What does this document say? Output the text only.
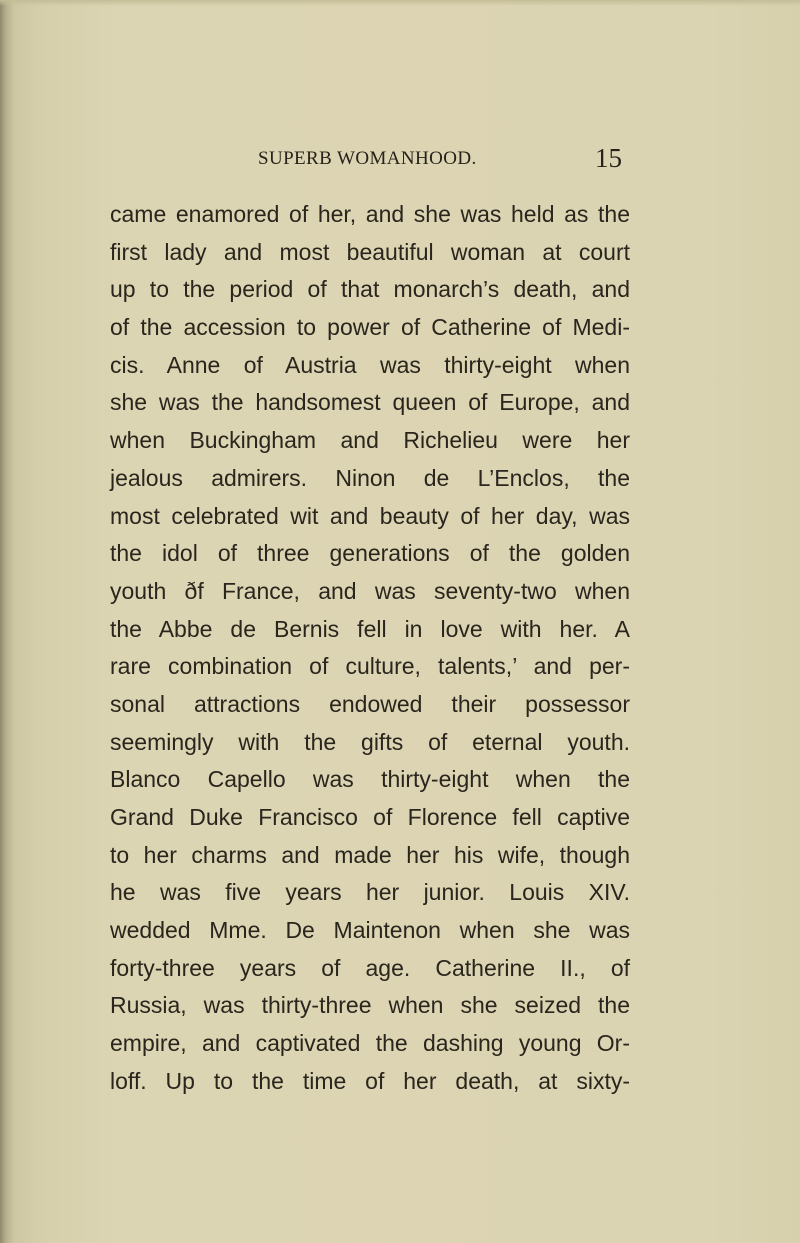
SUPERB WOMANHOOD.	15
came enamored of her, and she was held as the
first lady and most beautiful woman at court
up to the period of that monarch’s death, and
of the accession to power of Catherine of Medi-
cis. Anne of Austria was thirty-eight when
she was the handsomest queen of Europe, and
when Buckingham and Richelieu were her
jealous admirers. Ninon de L’Enclos, the
most celebrated wit and beauty of her day, was
the idol of three generations of the golden
youth ðf France, and was seventy-two when
the Abbe de Bernis fell in love with her. A
rare combination of culture, talents,’ and per-
sonal attractions endowed their possessor
seemingly with the gifts of eternal youth.
Blanco Capello was thirty-eight when the
Grand Duke Francisco of Florence fell captive
to her charms and made her his wife, though
he was five years her junior. Louis XIV.
wedded Mme. De Maintenon when she was
forty-three years of age. Catherine II., of
Russia, was thirty-three when she seized the
empire, and captivated the dashing young Or-
loff. Up to the time of her death, at sixty-
